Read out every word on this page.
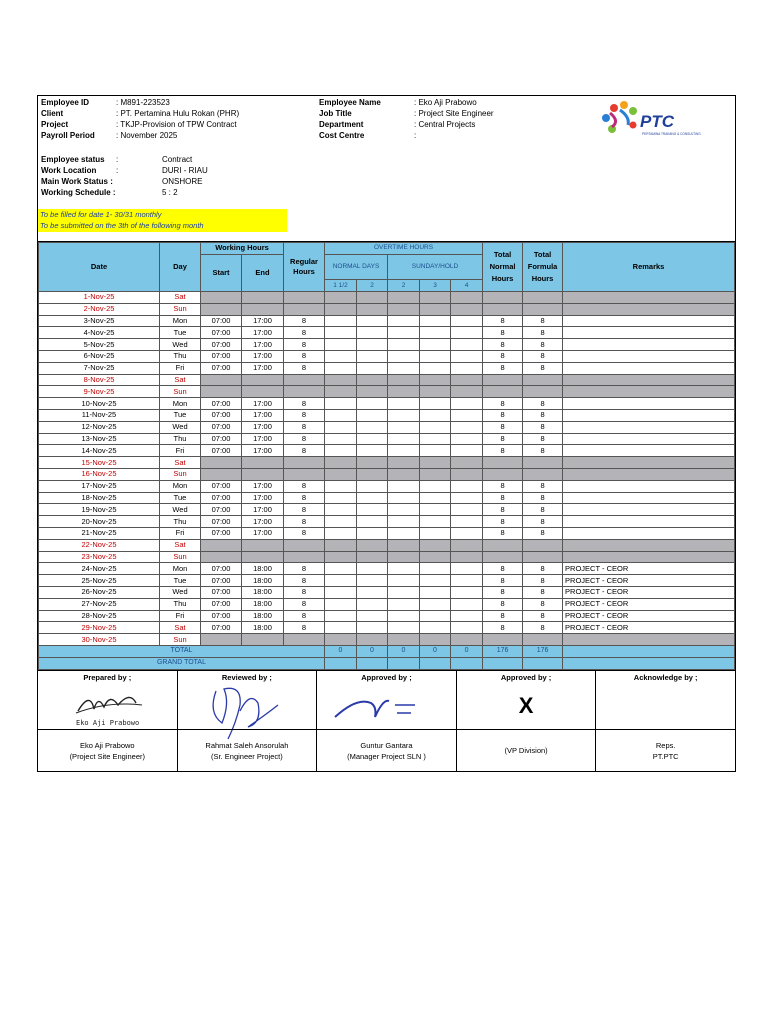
Employee ID	: M891-223523
Client	: PT. Pertamina Hulu Rokan (PHR)
Project	: TKJP-Provision of TPW Contract
Payroll Period	: November 2025
Employee status :	Contract
Work Location :	DURI - RIAU
Main Work Status :	ONSHORE
Working Schedule :	5 : 2
Employee Name	: Eko Aji Prabowo
Job Title	: Project Site Engineer
Department	: Central Projects
Cost Centre	:
PTC
PERTAMINA TRAINING & CONSULTING
To be filled for date 1- 30/31 monthly
To be submitted on the 3th of the following month
Date	Day	Working Hours		Regular Hours	OVERTIME HOURS					Total Normal Hours	Total Formula Hours	Remarks
		Start	End		NORMAL DAYS		SUNDAY/HOLD					
					1 1/2	2	2	3	4			
1-Nov-25	Sat											
2-Nov-25	Sun											
3-Nov-25	Mon	07:00	17:00	8						8	8	
4-Nov-25	Tue	07:00	17:00	8						8	8	
5-Nov-25	Wed	07:00	17:00	8						8	8	
6-Nov-25	Thu	07:00	17:00	8						8	8	
7-Nov-25	Fri	07:00	17:00	8						8	8	
8-Nov-25	Sat											
9-Nov-25	Sun											
10-Nov-25	Mon	07:00	17:00	8						8	8	
11-Nov-25	Tue	07:00	17:00	8						8	8	
12-Nov-25	Wed	07:00	17:00	8						8	8	
13-Nov-25	Thu	07:00	17:00	8						8	8	
14-Nov-25	Fri	07:00	17:00	8						8	8	
15-Nov-25	Sat											
16-Nov-25	Sun											
17-Nov-25	Mon	07:00	17:00	8						8	8	
18-Nov-25	Tue	07:00	17:00	8						8	8	
19-Nov-25	Wed	07:00	17:00	8						8	8	
20-Nov-25	Thu	07:00	17:00	8						8	8	
21-Nov-25	Fri	07:00	17:00	8						8	8	
22-Nov-25	Sat											
23-Nov-25	Sun											
24-Nov-25	Mon	07:00	18:00	8						8	8	PROJECT - CEOR
25-Nov-25	Tue	07:00	18:00	8						8	8	PROJECT - CEOR
26-Nov-25	Wed	07:00	18:00	8						8	8	PROJECT - CEOR
27-Nov-25	Thu	07:00	18:00	8						8	8	PROJECT - CEOR
28-Nov-25	Fri	07:00	18:00	8						8	8	PROJECT - CEOR
29-Nov-25	Sat	07:00	18:00	8						8	8	PROJECT - CEOR
30-Nov-25	Sun											
TOTAL					0	0	0	0	0	176	176	
GRAND TOTAL												
Prepared by ;
Eko Aji Prabowo
Eko Aji Prabowo
(Project Site Engineer)
Reviewed by ;
Rahmat Saleh Ansorulah
(Sr. Engineer Project)
Approved by ;
Guntur Gantara
(Manager Project SLN )
Approved by ;
X
(VP Division)
Acknowledge by ;
Reps.
PT.PTC
